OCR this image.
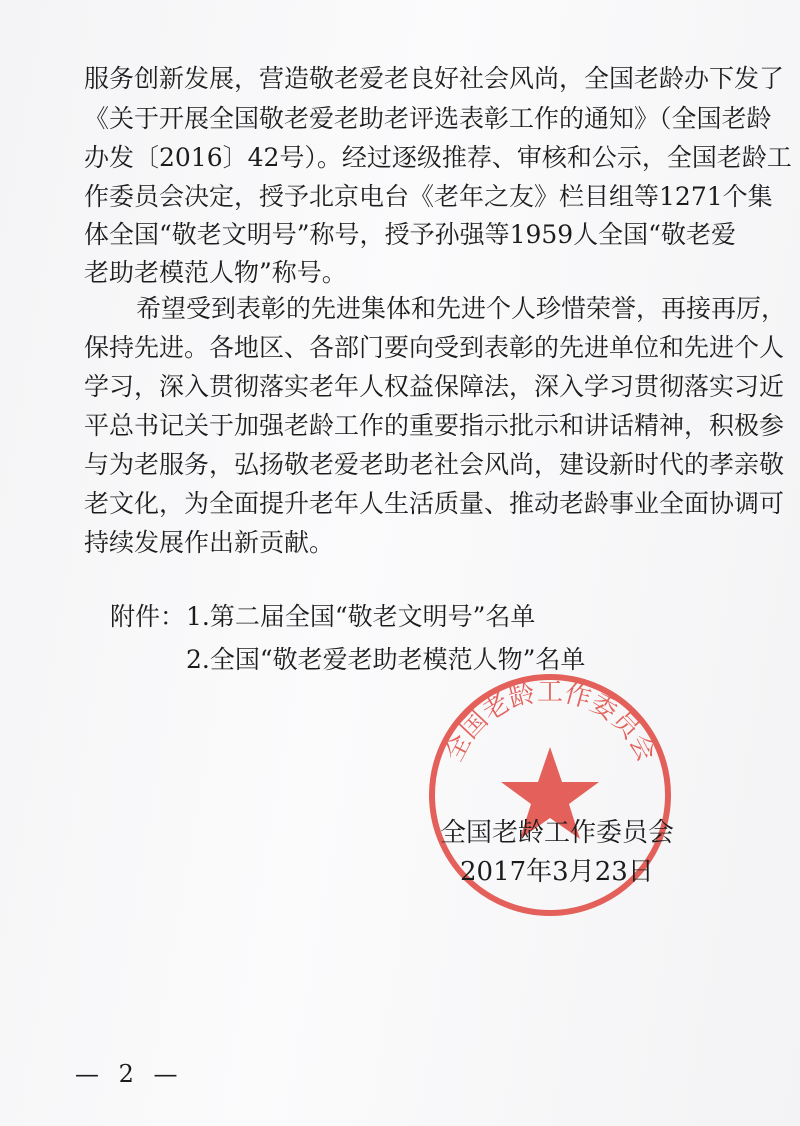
服务创新发展，营造敬老爱老良好社会风尚，全国老龄办下发了
《关于开展全国敬老爱老助老评选表彰工作的通知》（全国老龄
办发〔2016〕42号）。经过逐级推荐、审核和公示，全国老龄工
作委员会决定，授予北京电台《老年之友》栏目组等1271个集
体全国“敬老文明号”称号，授予孙强等1959人全国“敬老爱
老助老模范人物”称号。
希望受到表彰的先进集体和先进个人珍惜荣誉，再接再厉，
保持先进。各地区、各部门要向受到表彰的先进单位和先进个人
学习，深入贯彻落实老年人权益保障法，深入学习贯彻落实习近
平总书记关于加强老龄工作的重要指示批示和讲话精神，积极参
与为老服务，弘扬敬老爱老助老社会风尚，建设新时代的孝亲敬
老文化，为全面提升老年人生活质量、推动老龄事业全面协调可
持续发展作出新贡献。
附件： 1.第二届全国“敬老文明号”名单
2.全国“敬老爱老助老模范人物”名单
全国老龄工作委员会
全国老龄工作委员会
2017年3月23日
— 2 —
